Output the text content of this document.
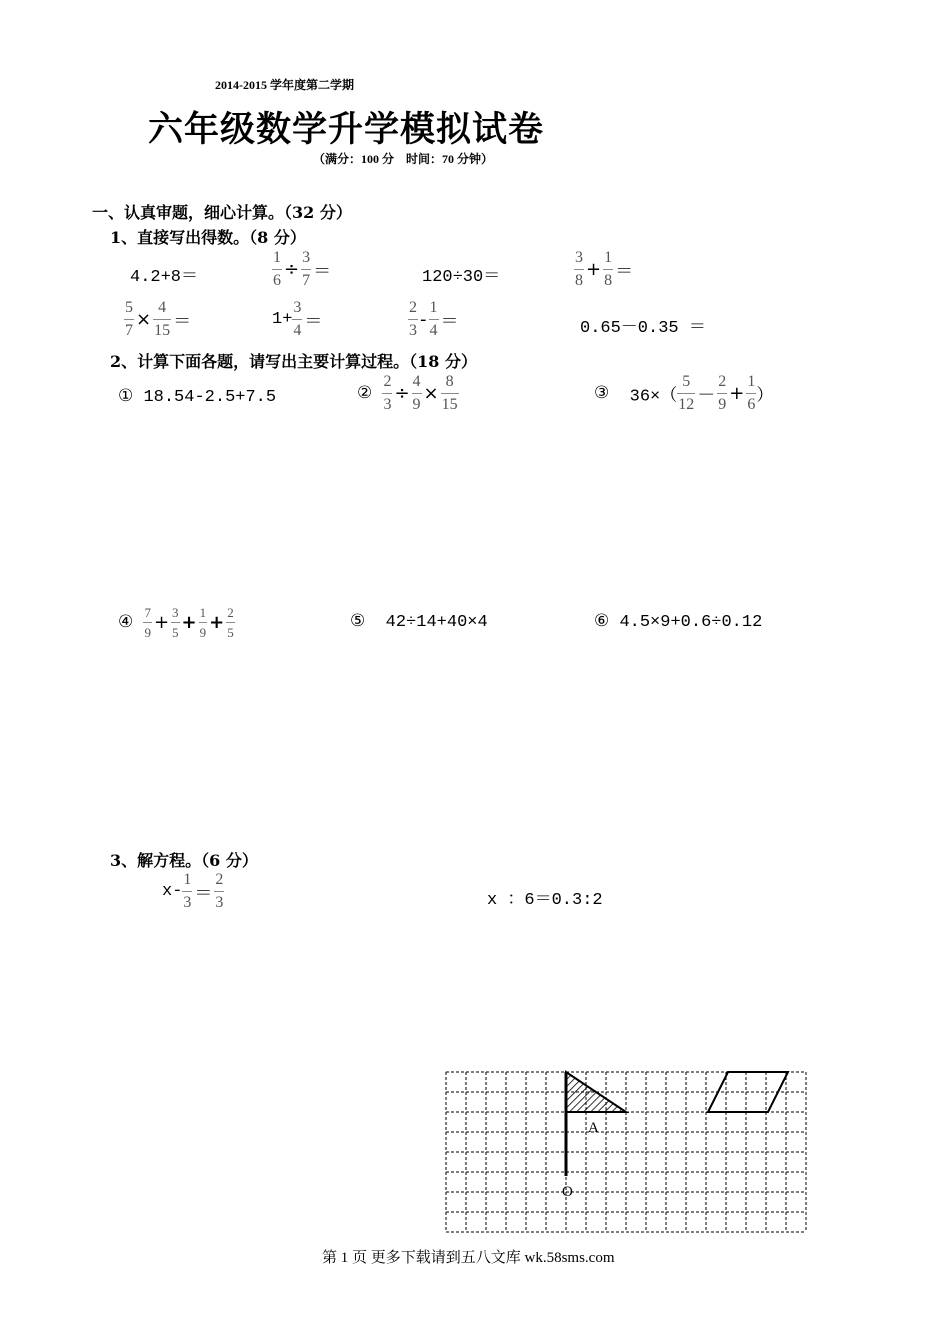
2014-2015 学年度第二学期
六年级数学升学模拟试卷
（满分：100 分　时间：70 分钟）
一、认真审题，细心计算。（32 分）
1、直接写出得数。（8 分）
4.2+8＝	$\frac{1}{6} \div \frac{3}{7}$ ＝	120÷30＝	$\frac{3}{8} + \frac{1}{8}$ ＝
$\frac{5}{7} \times \frac{4}{15}$ ＝	$1+ \frac{3}{4}$ ＝	$\frac{2}{3} - \frac{1}{4}$ ＝	0.65－0.35 ＝
2、计算下面各题，请写出主要计算过程。（18 分）
① 18.54-2.5+7.5	② $\frac{2}{3} \div \frac{4}{9} \times \frac{8}{15}$	③ $36\times( \frac{5}{12} - \frac{2}{9} + \frac{1}{6}$ ）
④ $\frac{7}{9} + \frac{3}{5} + \frac{1}{9} + \frac{2}{5}$	⑤ 42÷14+40×4	⑥ 4.5×9+0.6÷0.12
3、解方程。（6 分）
$x- \frac{1}{3} = \frac{2}{3}$	x ：6＝0.3:2
A
O
第 1 页 更多下载请到五八文库 wk.58sms.com
